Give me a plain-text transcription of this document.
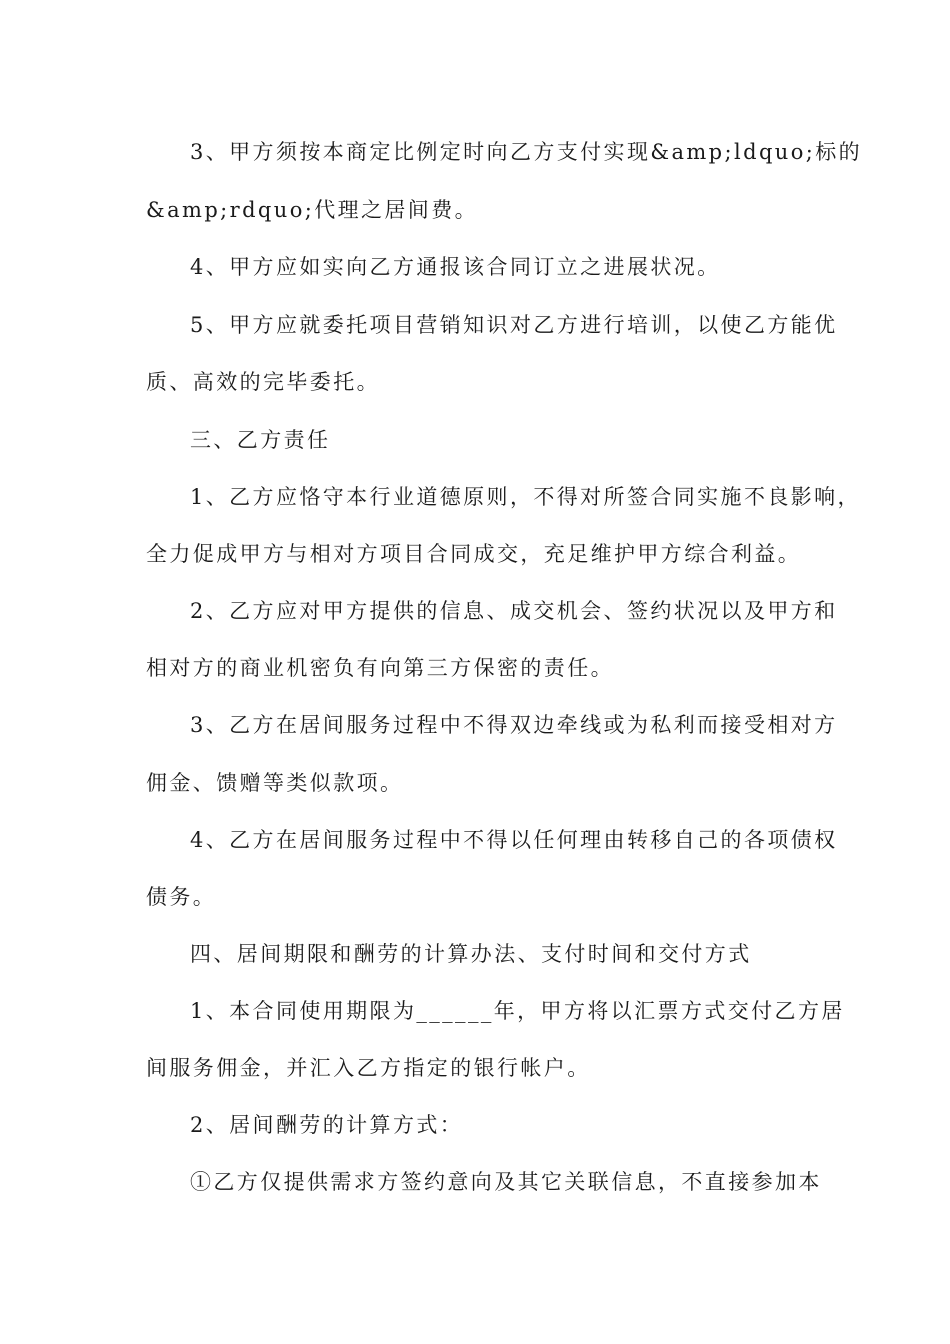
3、甲方须按本商定比例定时向乙方支付实现&amp;ldquo;标的
&amp;rdquo;代理之居间费。
4、甲方应如实向乙方通报该合同订立之进展状况。
5、甲方应就委托项目营销知识对乙方进行培训，以使乙方能优
质、高效的完毕委托。
三、乙方责任
1、乙方应恪守本行业道德原则，不得对所签合同实施不良影响，
全力促成甲方与相对方项目合同成交，充足维护甲方综合利益。
2、乙方应对甲方提供的信息、成交机会、签约状况以及甲方和
相对方的商业机密负有向第三方保密的责任。
3、乙方在居间服务过程中不得双边牵线或为私利而接受相对方
佣金、馈赠等类似款项。
4、乙方在居间服务过程中不得以任何理由转移自己的各项债权
债务。
四、居间期限和酬劳的计算办法、支付时间和交付方式
1、本合同使用期限为______年，甲方将以汇票方式交付乙方居
间服务佣金，并汇入乙方指定的银行帐户。
2、居间酬劳的计算方式：
①乙方仅提供需求方签约意向及其它关联信息，不直接参加本
